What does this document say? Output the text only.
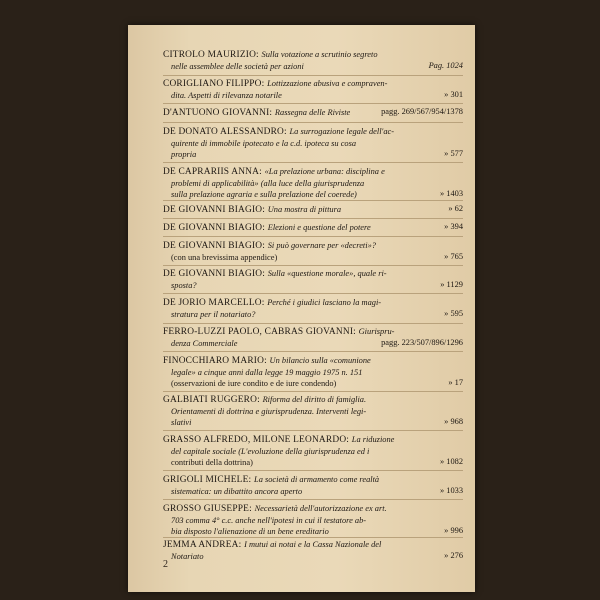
CITROLO MAURIZIO: Sulla votazione a scrutinio segreto
nelle assemblee delle società per azioni	Pag. 1024
CORIGLIANO FILIPPO: Lottizzazione abusiva e compraven-
dita. Aspetti di rilevanza notarile	» 301
D'ANTUONO GIOVANNI: Rassegna delle Riviste	pagg. 269/567/954/1378
DE DONATO ALESSANDRO: La surrogazione legale dell'ac-
quirente di immobile ipotecato e la c.d. ipoteca su cosa
propria	» 577
DE CAPRARIIS ANNA: «La prelazione urbana: disciplina e
problemi di applicabilità» (alla luce della giurisprudenza
sulla prelazione agraria e sulla prelazione del coerede)	» 1403
DE GIOVANNI BIAGIO: Una mostra di pittura	» 62
DE GIOVANNI BIAGIO: Elezioni e questione del potere	» 394
DE GIOVANNI BIAGIO: Si può governare per «decreti»?
(con una brevissima appendice)	» 765
DE GIOVANNI BIAGIO: Sulla «questione morale», quale ri-
sposta?	» 1129
DE JORIO MARCELLO: Perché i giudici lasciano la magi-
stratura per il notariato?	» 595
FERRO-LUZZI PAOLO, CABRAS GIOVANNI: Giurispru-
denza Commerciale	pagg. 223/507/896/1296
FINOCCHIARO MARIO: Un bilancio sulla «comunione
legale» a cinque anni dalla legge 19 maggio 1975 n. 151
(osservazioni de iure condito e de iure condendo)	» 17
GALBIATI RUGGERO: Riforma del diritto di famiglia.
Orientamenti di dottrina e giurisprudenza. Interventi legi-
slativi	» 968
GRASSO ALFREDO, MILONE LEONARDO: La riduzione
del capitale sociale (L'evoluzione della giurisprudenza ed i
contributi della dottrina)	» 1082
GRIGOLI MICHELE: La società di armamento come realtà
sistematica: un dibattito ancora aperto	» 1033
GROSSO GIUSEPPE: Necessarietà dell'autorizzazione ex art.
703 comma 4° c.c. anche nell'ipotesi in cui il testatore ab-
bia disposto l'alienazione di un bene ereditario	» 996
JEMMA ANDREA: I mutui ai notai e la Cassa Nazionale del
Notariato	» 276
2
